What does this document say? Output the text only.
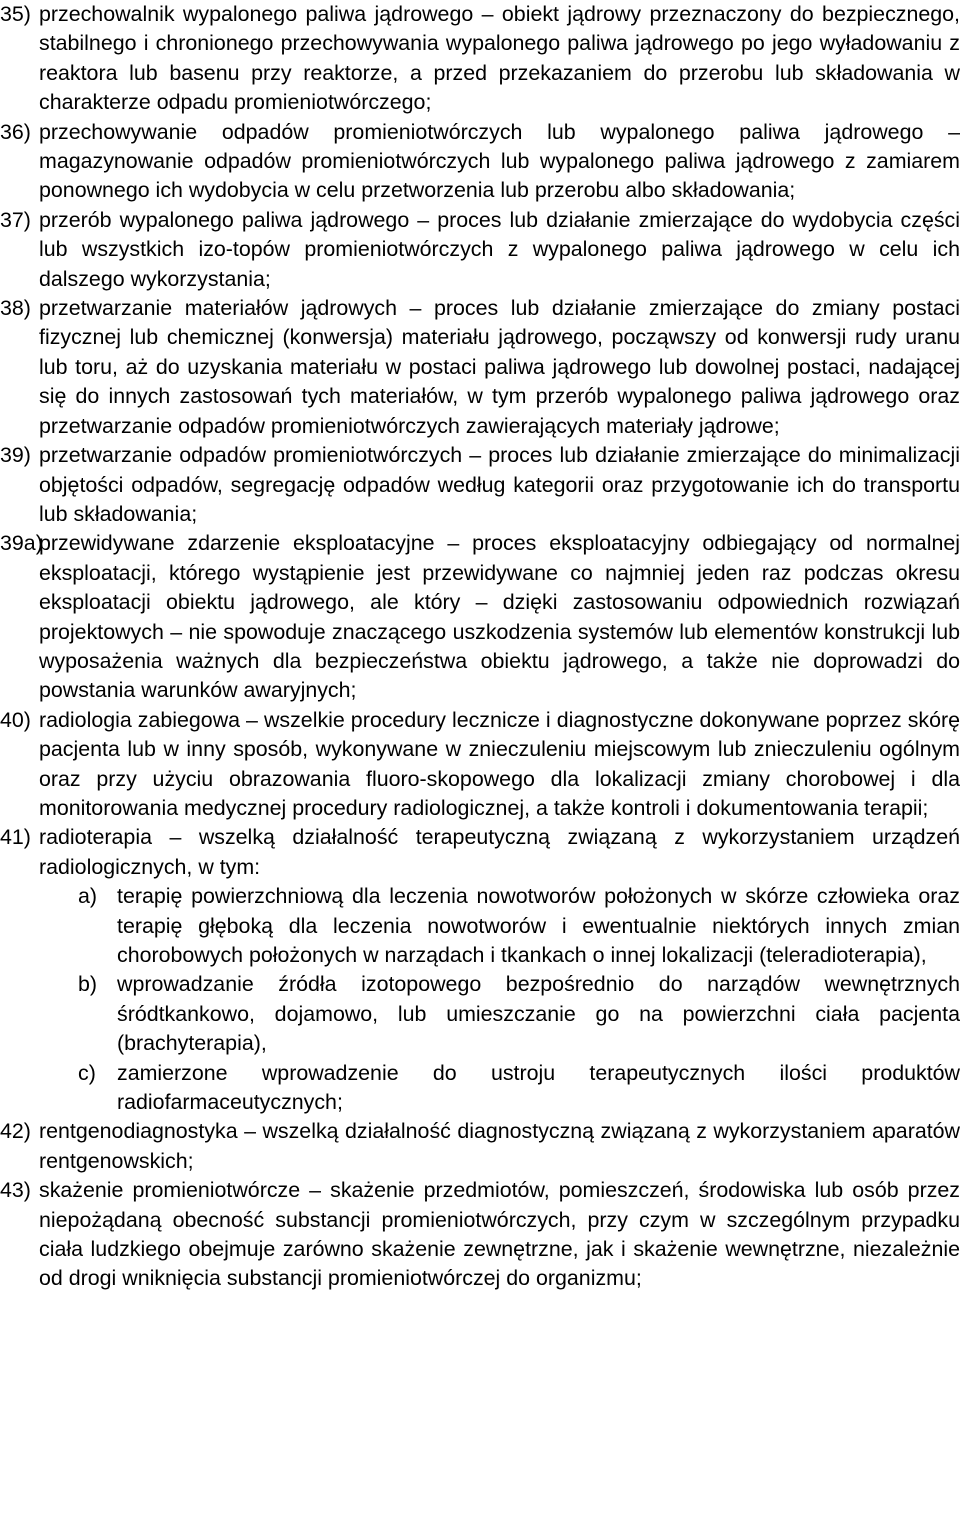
35) przechowalnik wypalonego paliwa jądrowego – obiekt jądrowy przeznaczony do bezpiecznego, stabilnego i chronionego przechowywania wypalonego paliwa jądrowego po jego wyładowaniu z reaktora lub basenu przy reaktorze, a przed przekazaniem do przerobu lub składowania w charakterze odpadu promieniotwórczego;

36) przechowywanie odpadów promieniotwórczych lub wypalonego paliwa jądrowego – magazynowanie odpadów promieniotwórczych lub wypalonego paliwa jądrowego z zamiarem ponownego ich wydobycia w celu przetworzenia lub przerobu albo składowania;

37) przerób wypalonego paliwa jądrowego – proces lub działanie zmierzające do wydobycia części lub wszystkich izo-topów promieniotwórczych z wypalonego paliwa jądrowego w celu ich dalszego wykorzystania;

38) przetwarzanie materiałów jądrowych – proces lub działanie zmierzające do zmiany postaci fizycznej lub chemicznej (konwersja) materiału jądrowego, począwszy od konwersji rudy uranu lub toru, aż do uzyskania materiału w postaci paliwa jądrowego lub dowolnej postaci, nadającej się do innych zastosowań tych materiałów, w tym przerób wypalonego paliwa jądrowego oraz przetwarzanie odpadów promieniotwórczych zawierających materiały jądrowe;

39) przetwarzanie odpadów promieniotwórczych – proces lub działanie zmierzające do minimalizacji objętości odpadów, segregację odpadów według kategorii oraz przygotowanie ich do transportu lub składowania;

39a)
przewidywane zdarzenie eksploatacyjne – proces eksploatacyjny odbiegający od normalnej eksploatacji, którego wystąpienie jest przewidywane co najmniej jeden raz podczas okresu eksploatacji obiektu jądrowego, ale który – dzięki zastosowaniu odpowiednich rozwiązań projektowych – nie spowoduje znaczącego uszkodzenia systemów lub elementów konstrukcji lub wyposażenia ważnych dla bezpieczeństwa obiektu jądrowego, a także nie doprowadzi do powstania warunków awaryjnych;

40) radiologia zabiegowa – wszelkie procedury lecznicze i diagnostyczne dokonywane poprzez skórę pacjenta lub w inny sposób, wykonywane w znieczuleniu miejscowym lub znieczuleniu ogólnym oraz przy użyciu obrazowania fluoro-skopowego dla lokalizacji zmiany chorobowej i dla monitorowania medycznej procedury radiologicznej, a także kontroli i dokumentowania terapii;

41) radioterapia – wszelką działalność terapeutyczną związaną z wykorzystaniem urządzeń radiologicznych, w tym:

a) terapię powierzchniową dla leczenia nowotworów położonych w skórze człowieka oraz terapię głęboką dla leczenia nowotworów i ewentualnie niektórych innych zmian chorobowych położonych w narządach i tkankach o innej lokalizacji (teleradioterapia),

b) wprowadzanie źródła izotopowego bezpośrednio do narządów wewnętrznych śródtkankowo, dojamowo, lub umieszczanie go na powierzchni ciała pacjenta (brachyterapia),

c) zamierzone wprowadzenie do ustroju terapeutycznych ilości produktów radiofarmaceutycznych;

42) rentgenodiagnostyka – wszelką działalność diagnostyczną związaną z wykorzystaniem aparatów rentgenowskich;

43) skażenie promieniotwórcze – skażenie przedmiotów, pomieszczeń, środowiska lub osób przez niepożądaną obecność substancji promieniotwórczych, przy czym w szczególnym przypadku ciała ludzkiego obejmuje zarówno skażenie zewnętrzne, jak i skażenie wewnętrzne, niezależnie od drogi wniknięcia substancji promieniotwórczej do organizmu;
